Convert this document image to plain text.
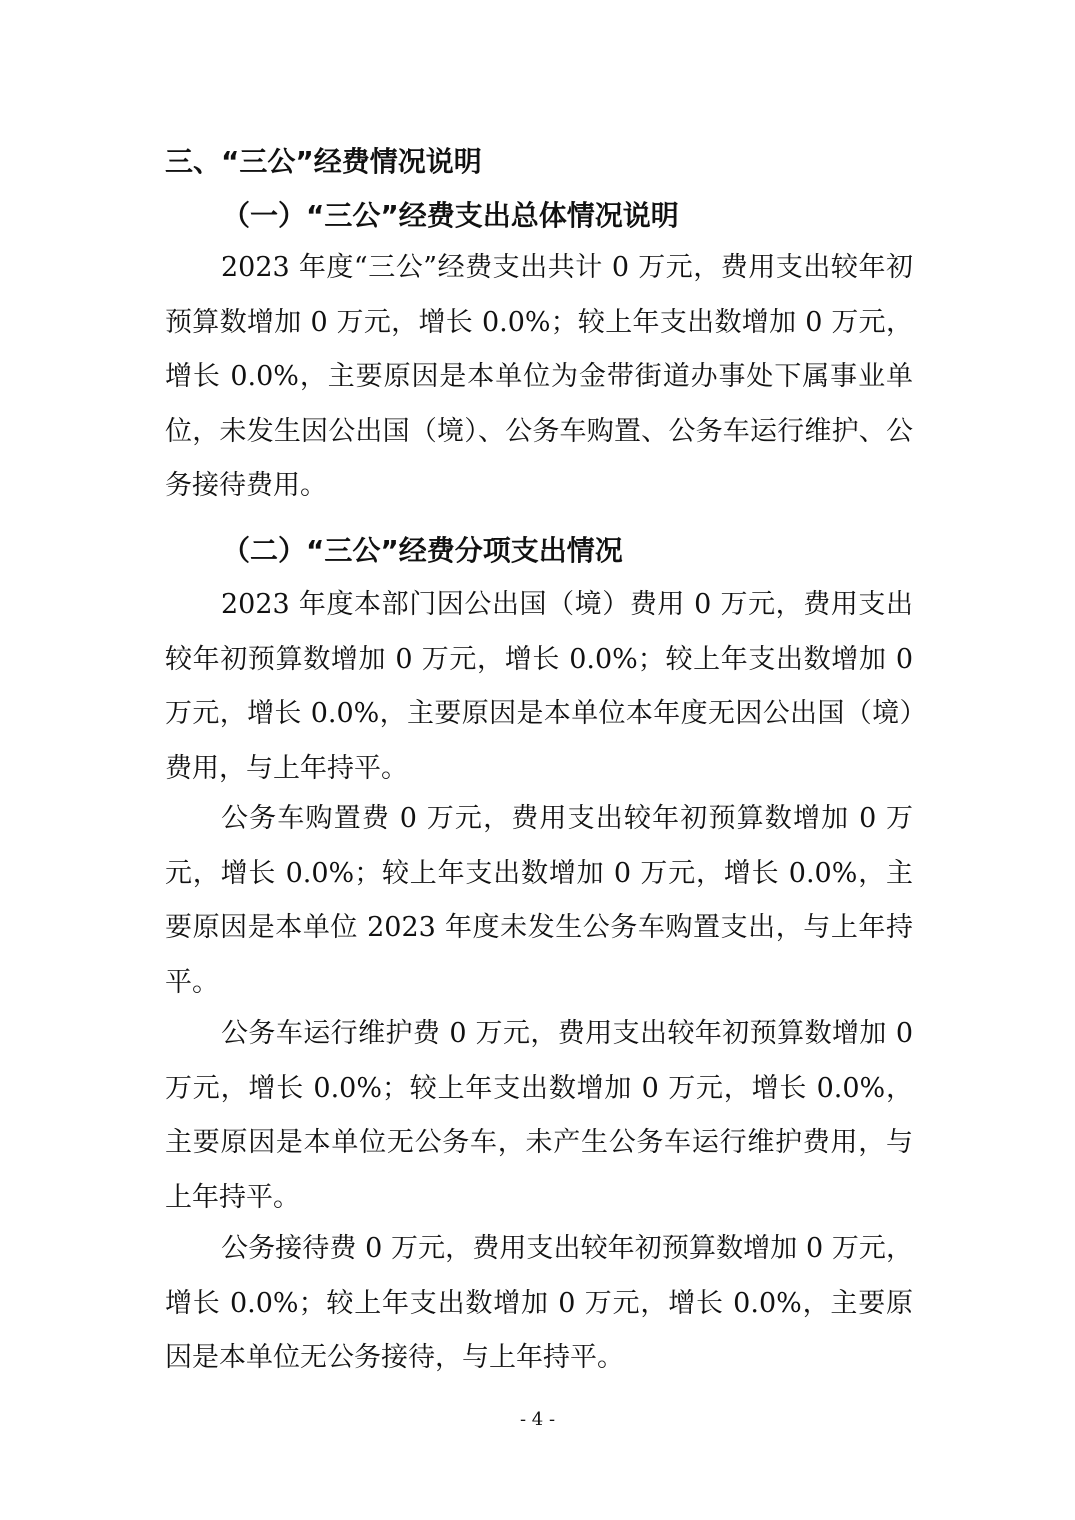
三、“三公”经费情况说明
（一）“三公”经费支出总体情况说明
2023 年度“三公”经费支出共计 0 万元，费用支出较年初预算数增加 0 万元，增长 0.0%；较上年支出数增加 0 万元，增长 0.0%，主要原因是本单位为金带街道办事处下属事业单位，未发生因公出国（境）、公务车购置、公务车运行维护、公务接待费用。
（二）“三公”经费分项支出情况
2023 年度本部门因公出国（境）费用 0 万元，费用支出较年初预算数增加 0 万元，增长 0.0%；较上年支出数增加 0 万元，增长 0.0%，主要原因是本单位本年度无因公出国（境）费用，与上年持平。
公务车购置费 0 万元，费用支出较年初预算数增加 0 万元，增长 0.0%；较上年支出数增加 0 万元，增长 0.0%，主要原因是本单位 2023 年度未发生公务车购置支出，与上年持平。
公务车运行维护费 0 万元，费用支出较年初预算数增加 0 万元，增长 0.0%；较上年支出数增加 0 万元，增长 0.0%，主要原因是本单位无公务车，未产生公务车运行维护费用，与上年持平。
公务接待费 0 万元，费用支出较年初预算数增加 0 万元，增长 0.0%；较上年支出数增加 0 万元，增长 0.0%，主要原因是本单位无公务接待，与上年持平。
- 4 -
